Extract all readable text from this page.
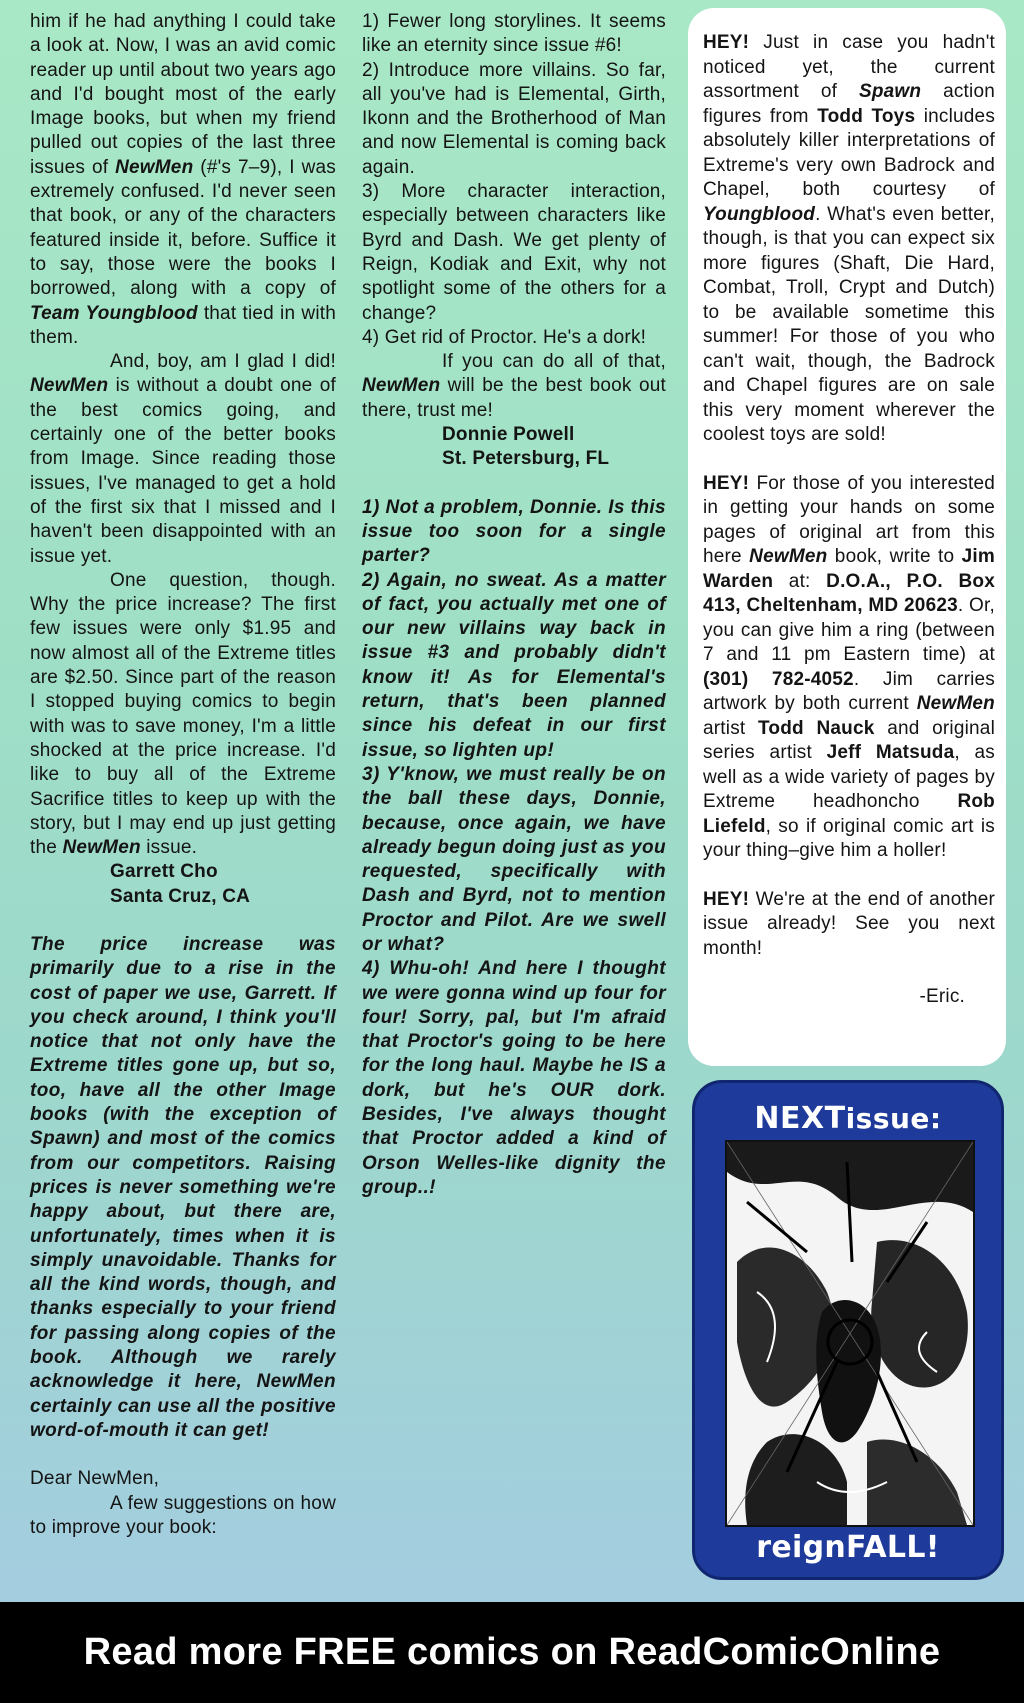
him if he had anything I could take a look at. Now, I was an avid comic reader up until about two years ago and I'd bought most of the early Image books, but when my friend pulled out copies of the last three issues of NewMen (#'s 7–9), I was extremely confused. I'd never seen that book, or any of the characters featured inside it, before. Suffice it to say, those were the books I borrowed, along with a copy of Team Youngblood that tied in with them.

And, boy, am I glad I did! NewMen is without a doubt one of the best comics going, and certainly one of the better books from Image. Since reading those issues, I've managed to get a hold of the first six that I missed and I haven't been disappointed with an issue yet.

One question, though. Why the price increase? The first few issues were only $1.95 and now almost all of the Extreme titles are $2.50. Since part of the reason I stopped buying comics to begin with was to save money, I'm a little shocked at the price increase. I'd like to buy all of the Extreme Sacrifice titles to keep up with the story, but I may end up just getting the NewMen issue.

Garrett Cho
Santa Cruz, CA

The price increase was primarily due to a rise in the cost of paper we use, Garrett. If you check around, I think you'll notice that not only have the Extreme titles gone up, but so, too, have all the other Image books (with the exception of Spawn) and most of the comics from our competitors. Raising prices is never something we're happy about, but there are, unfortunately, times when it is simply unavoidable. Thanks for all the kind words, though, and thanks especially to your friend for passing along copies of the book. Although we rarely acknowledge it here, NewMen certainly can use all the positive word-of-mouth it can get!

Dear NewMen,

A few suggestions on how to improve your book:

1) Fewer long storylines. It seems like an eternity since issue #6!

2) Introduce more villains. So far, all you've had is Elemental, Girth, Ikonn and the Brotherhood of Man and now Elemental is coming back again.

3) More character interaction, especially between characters like Byrd and Dash. We get plenty of Reign, Kodiak and Exit, why not spotlight some of the others for a change?

4) Get rid of Proctor. He's a dork!

If you can do all of that, NewMen will be the best book out there, trust me!

Donnie Powell
St. Petersburg, FL

1) Not a problem, Donnie. Is this issue too soon for a single parter?

2) Again, no sweat. As a matter of fact, you actually met one of our new villains way back in issue #3 and probably didn't know it! As for Elemental's return, that's been planned since his defeat in our first issue, so lighten up!

3) Y'know, we must really be on the ball these days, Donnie, because, once again, we have already begun doing just as you requested, specifically with Dash and Byrd, not to mention Proctor and Pilot. Are we swell or what?

4) Whu-oh! And here I thought we were gonna wind up four for four! Sorry, pal, but I'm afraid that Proctor's going to be here for the long haul. Maybe he IS a dork, but he's OUR dork. Besides, I've always thought that Proctor added a kind of Orson Welles-like dignity the group..!

HEY! Just in case you hadn't noticed yet, the current assortment of Spawn action figures from Todd Toys includes absolutely killer interpretations of Extreme's very own Badrock and Chapel, both courtesy of Youngblood. What's even better, though, is that you can expect six more figures (Shaft, Die Hard, Combat, Troll, Crypt and Dutch) to be available sometime this summer! For those of you who can't wait, though, the Badrock and Chapel figures are on sale this very moment wherever the coolest toys are sold!

HEY! For those of you interested in getting your hands on some pages of original art from this here NewMen book, write to Jim Warden at: D.O.A., P.O. Box 413, Cheltenham, MD 20623. Or, you can give him a ring (between 7 and 11 pm Eastern time) at (301) 782-4052. Jim carries artwork by both current NewMen artist Todd Nauck and original series artist Jeff Matsuda, as well as a wide variety of pages by Extreme headhoncho Rob Liefeld, so if original comic art is your thing–give him a holler!

HEY! We're at the end of another issue already! See you next month!

-Eric.

NEXTissue:
reignFALL!
Read more FREE comics on ReadComicOnline
